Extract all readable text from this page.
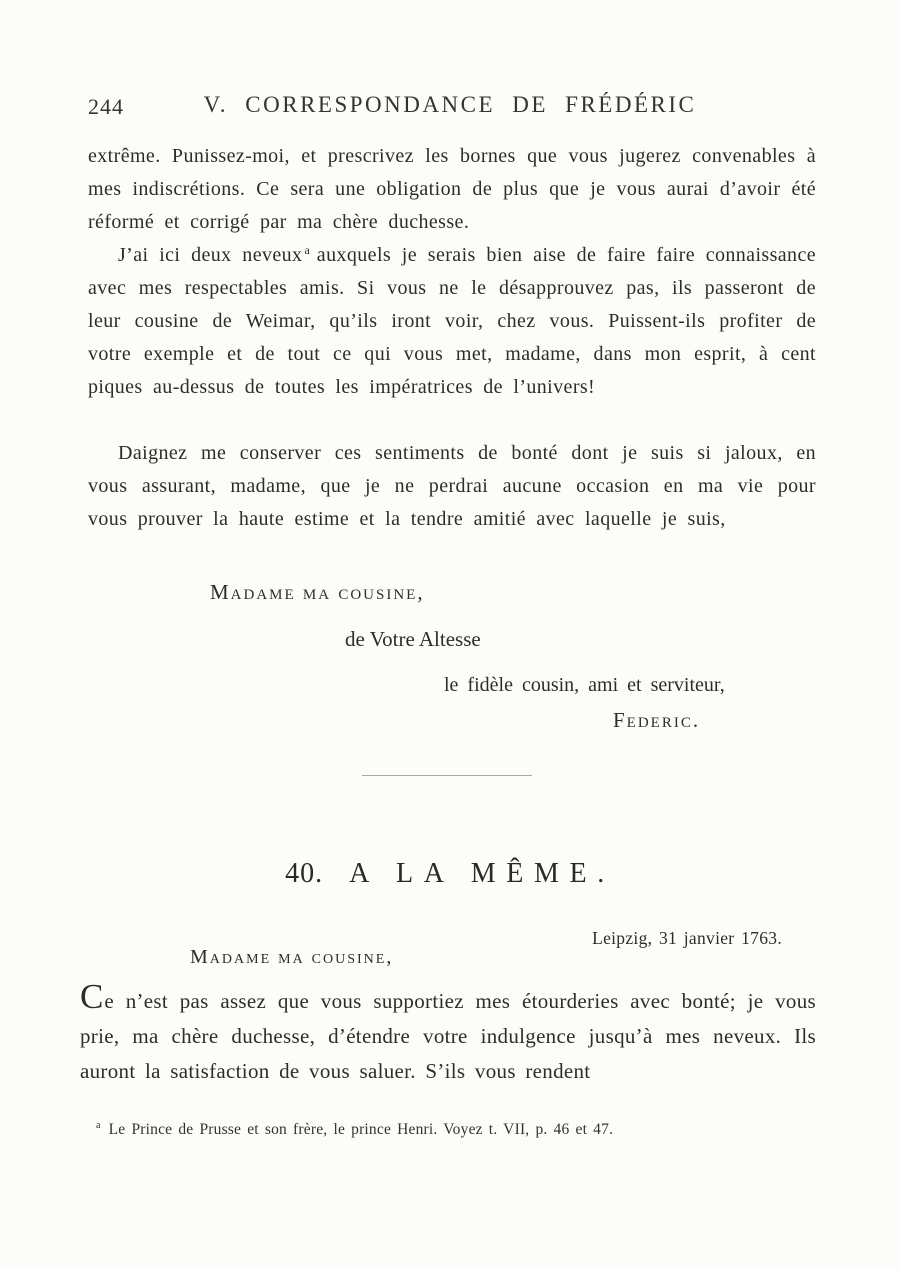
244	V. CORRESPONDANCE DE FRÉDÉRIC

extrême. Punissez-moi, et prescrivez les bornes que vous jugerez convenables à mes indiscrétions. Ce sera une obligation de plus que je vous aurai d’avoir été réformé et corrigé par ma chère duchesse.

J’ai ici deux neveux $^a$ auxquels je serais bien aise de faire faire connaissance avec mes respectables amis. Si vous ne le désapprouvez pas, ils passeront de leur cousine de Weimar, qu’ils iront voir, chez vous. Puissent-ils profiter de votre exemple et de tout ce qui vous met, madame, dans mon esprit, à cent piques au-dessus de toutes les impératrices de l’univers!

Daignez me conserver ces sentiments de bonté dont je suis si jaloux, en vous assurant, madame, que je ne perdrai aucune occasion en ma vie pour vous prouver la haute estime et la tendre amitié avec laquelle je suis,

Madame ma cousine,
de Votre Altesse
le fidèle cousin, ami et serviteur,
Federic.
40. A LA MÊME.
Leipzig, 31 janvier 1763.
Madame ma cousine,

Ce n’est pas assez que vous supportiez mes étourderies avec bonté; je vous prie, ma chère duchesse, d’étendre votre indulgence jusqu’à mes neveux. Ils auront la satisfaction de vous saluer. S’ils vous rendent

$^a$ Le Prince de Prusse et son frère, le prince Henri. Voyez t. VII, p. 46 et 47.
